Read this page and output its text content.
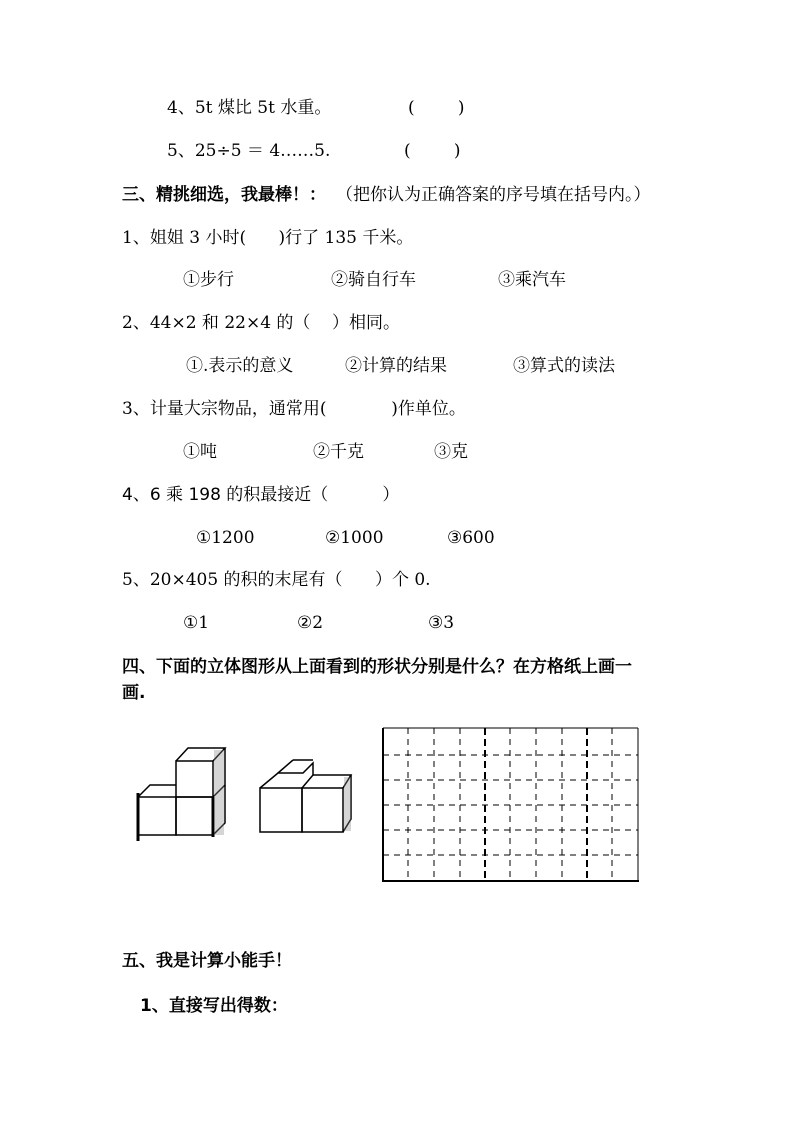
4、5t 煤比 5t 水重。	(        )
5、25÷5 ＝ 4……5.	(        )
三、精挑细选，我最棒！： （把你认为正确答案的序号填在括号内。）
1、姐姐 3 小时(      )行了 135 千米。
①步行	②骑自行车	③乘汽车
2、44×2 和 22×4 的（    ）相同。
①.表示的意义	②计算的结果	③算式的读法
3、计量大宗物品，通常用(            )作单位。
①吨	②千克	③克
4、6 乘 198 的积最接近（          ）
①1200	②1000	③600
5、20×405 的积的末尾有（      ）个 0.
①1	②2	③3
四、下面的立体图形从上面看到的形状分别是什么？在方格纸上画一
画.
五、我是计算小能手！
1、直接写出得数：
